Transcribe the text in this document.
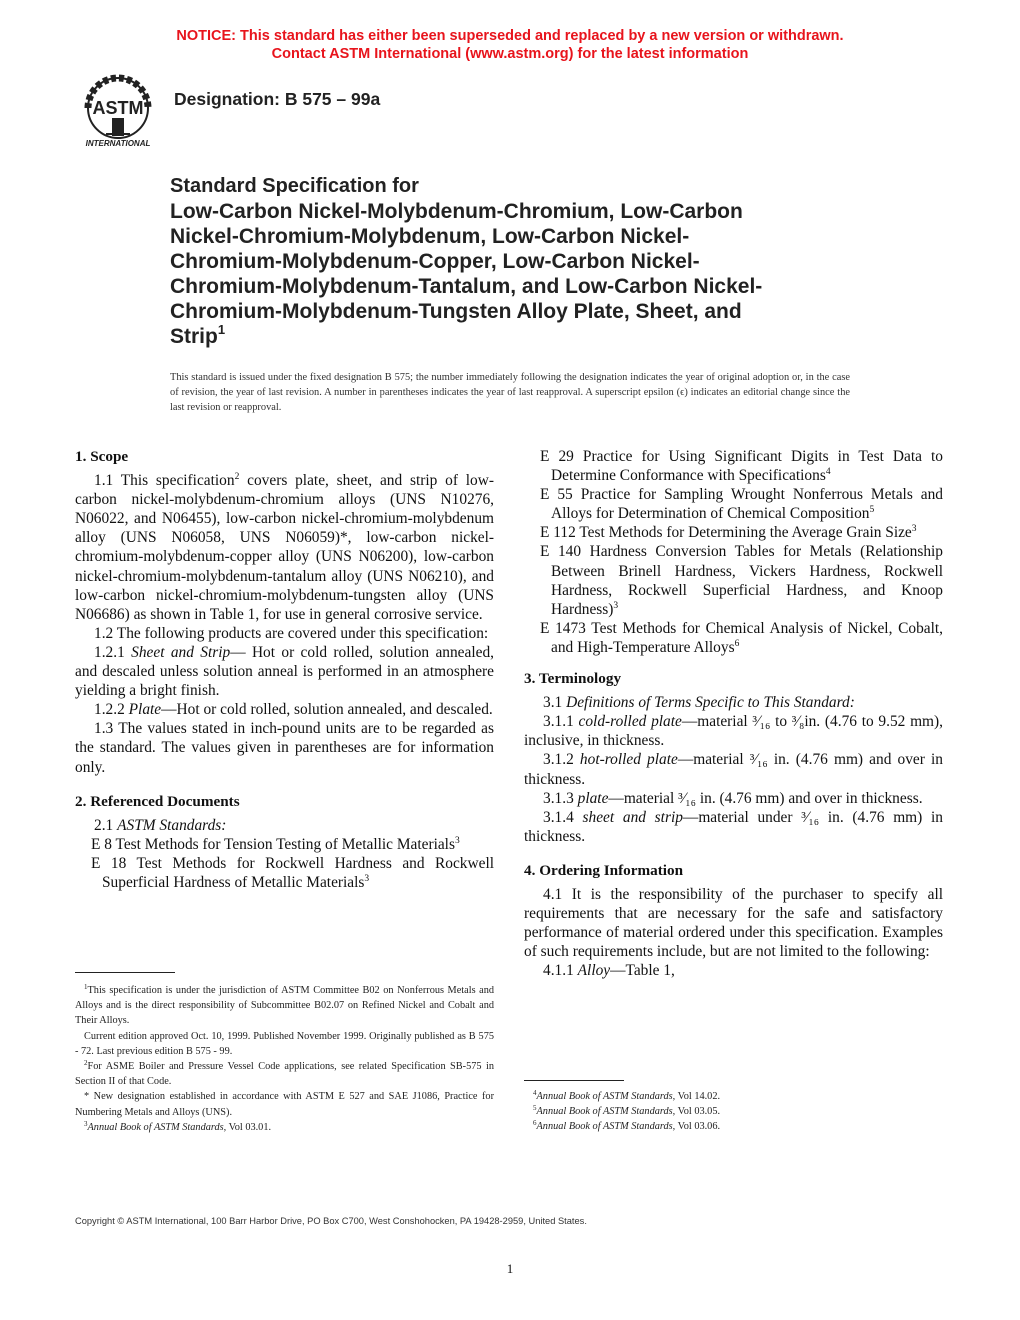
NOTICE: This standard has either been superseded and replaced by a new version or withdrawn.
Contact ASTM International (www.astm.org) for the latest information
ASTM
INTERNATIONAL
Designation: B 575 – 99a
Standard Specification for
Low-Carbon Nickel-Molybdenum-Chromium, Low-Carbon
Nickel-Chromium-Molybdenum, Low-Carbon Nickel-
Chromium-Molybdenum-Copper, Low-Carbon Nickel-
Chromium-Molybdenum-Tantalum, and Low-Carbon Nickel-
Chromium-Molybdenum-Tungsten Alloy Plate, Sheet, and
Strip$^1$
This standard is issued under the fixed designation B 575; the number immediately following the designation indicates the year of original adoption or, in the case of revision, the year of last revision. A number in parentheses indicates the year of last reapproval. A superscript epsilon (ϵ) indicates an editorial change since the last revision or reapproval.
1. Scope

1.1 This specification$^2$ covers plate, sheet, and strip of low-carbon nickel-molybdenum-chromium alloys (UNS N10276, N06022, and N06455), low-carbon nickel-chromium-molybdenum alloy (UNS N06058, UNS N06059)*, low-carbon nickel-chromium-molybdenum-copper alloy (UNS N06200), low-carbon nickel-chromium-molybdenum-tantalum alloy (UNS N06210), and low-carbon nickel-chromium-molybdenum-tungsten alloy (UNS N06686) as shown in Table 1, for use in general corrosive service.

1.2 The following products are covered under this specification:

1.2.1 Sheet and Strip— Hot or cold rolled, solution annealed, and descaled unless solution anneal is performed in an atmosphere yielding a bright finish.

1.2.2 Plate—Hot or cold rolled, solution annealed, and descaled.

1.3 The values stated in inch-pound units are to be regarded as the standard. The values given in parentheses are for information only.

2. Referenced Documents

2.1 ASTM Standards:

E 8 Test Methods for Tension Testing of Metallic Materials$^3$

E 18 Test Methods for Rockwell Hardness and Rockwell Superficial Hardness of Metallic Materials$^3$

$^1$This specification is under the jurisdiction of ASTM Committee B02 on Nonferrous Metals and Alloys and is the direct responsibility of Subcommittee B02.07 on Refined Nickel and Cobalt and Their Alloys.

Current edition approved Oct. 10, 1999. Published November 1999. Originally published as B 575 - 72. Last previous edition B 575 - 99.

$^2$For ASME Boiler and Pressure Vessel Code applications, see related Specification SB-575 in Section II of that Code.

* New designation established in accordance with ASTM E 527 and SAE J1086, Practice for Numbering Metals and Alloys (UNS).

$^3$Annual Book of ASTM Standards, Vol 03.01.

E 29 Practice for Using Significant Digits in Test Data to Determine Conformance with Specifications$^4$

E 55 Practice for Sampling Wrought Nonferrous Metals and Alloys for Determination of Chemical Composition$^5$

E 112 Test Methods for Determining the Average Grain Size$^3$

E 140 Hardness Conversion Tables for Metals (Relationship Between Brinell Hardness, Vickers Hardness, Rockwell Hardness, Rockwell Superficial Hardness, and Knoop Hardness)$^3$

E 1473 Test Methods for Chemical Analysis of Nickel, Cobalt, and High-Temperature Alloys$^6$

3. Terminology

3.1 Definitions of Terms Specific to This Standard:

3.1.1 cold-rolled plate—material ³⁄₁₆ to ³⁄₈in. (4.76 to 9.52 mm), inclusive, in thickness.

3.1.2 hot-rolled plate—material ³⁄₁₆ in. (4.76 mm) and over in thickness.

3.1.3 plate—material ³⁄₁₆ in. (4.76 mm) and over in thickness.

3.1.4 sheet and strip—material under ³⁄₁₆ in. (4.76 mm) in thickness.

4. Ordering Information

4.1 It is the responsibility of the purchaser to specify all requirements that are necessary for the safe and satisfactory performance of material ordered under this specification. Examples of such requirements include, but are not limited to the following:

4.1.1 Alloy—Table 1,

$^4$Annual Book of ASTM Standards, Vol 14.02.

$^5$Annual Book of ASTM Standards, Vol 03.05.

$^6$Annual Book of ASTM Standards, Vol 03.06.

Copyright © ASTM International, 100 Barr Harbor Drive, PO Box C700, West Conshohocken, PA 19428-2959, United States.
1
